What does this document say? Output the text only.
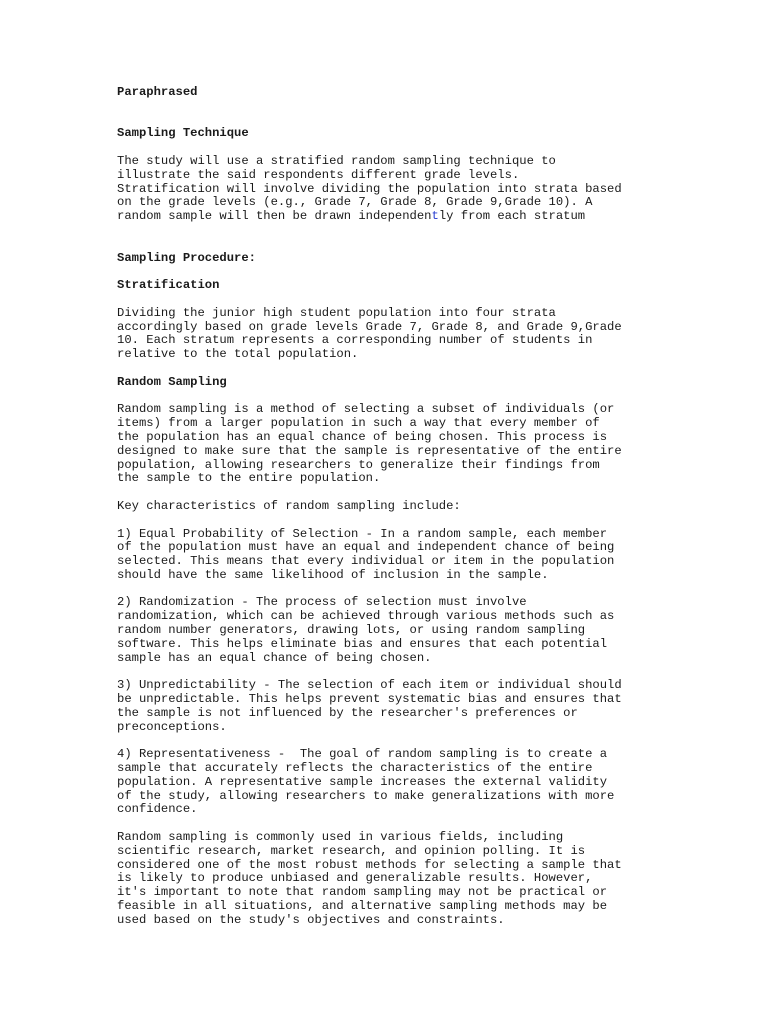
Paraphrased
Sampling Technique
The study will use a stratified random sampling technique to
illustrate the said respondents different grade levels.
Stratification will involve dividing the population into strata based
on the grade levels (e.g., Grade 7, Grade 8, Grade 9,Grade 10). A
random sample will then be drawn independently from each stratum
Sampling Procedure:
Stratification
Dividing the junior high student population into four strata
accordingly based on grade levels Grade 7, Grade 8, and Grade 9,Grade
10. Each stratum represents a corresponding number of students in
relative to the total population.
Random Sampling
Random sampling is a method of selecting a subset of individuals (or
items) from a larger population in such a way that every member of
the population has an equal chance of being chosen. This process is
designed to make sure that the sample is representative of the entire
population, allowing researchers to generalize their findings from
the sample to the entire population.
Key characteristics of random sampling include:
1) Equal Probability of Selection - In a random sample, each member
of the population must have an equal and independent chance of being
selected. This means that every individual or item in the population
should have the same likelihood of inclusion in the sample.
2) Randomization - The process of selection must involve
randomization, which can be achieved through various methods such as
random number generators, drawing lots, or using random sampling
software. This helps eliminate bias and ensures that each potential
sample has an equal chance of being chosen.
3) Unpredictability - The selection of each item or individual should
be unpredictable. This helps prevent systematic bias and ensures that
the sample is not influenced by the researcher's preferences or
preconceptions.
4) Representativeness -  The goal of random sampling is to create a
sample that accurately reflects the characteristics of the entire
population. A representative sample increases the external validity
of the study, allowing researchers to make generalizations with more
confidence.
Random sampling is commonly used in various fields, including
scientific research, market research, and opinion polling. It is
considered one of the most robust methods for selecting a sample that
is likely to produce unbiased and generalizable results. However,
it's important to note that random sampling may not be practical or
feasible in all situations, and alternative sampling methods may be
used based on the study's objectives and constraints.
